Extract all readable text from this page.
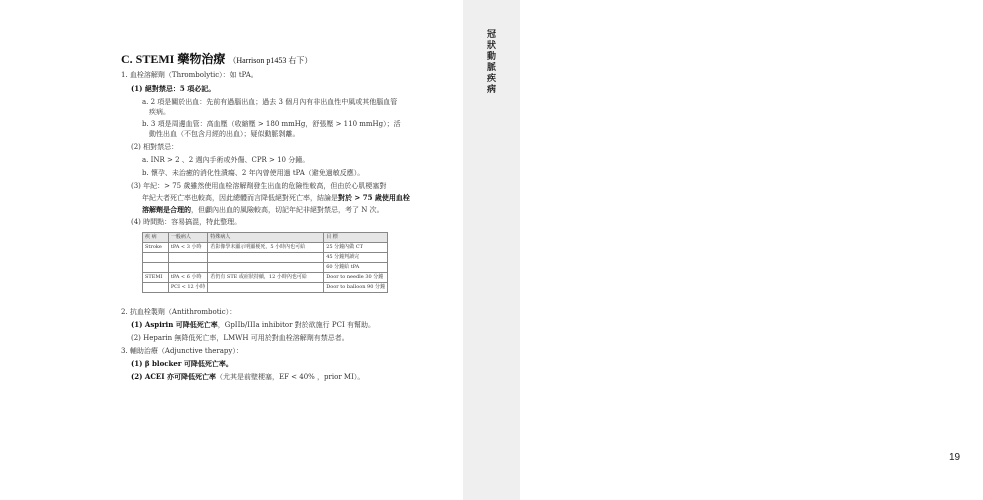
冠
狀
動
脈
疾
病
19
C. STEMI 藥物治療 （Harrison p1453 右下）
1. 血栓溶解劑（Thrombolytic）：如 tPA。
(1) 絕對禁忌：5 項必記。
a. 2 項是關於出血：先前有過腦出血；過去 3 個月內有非出血性中風或其他腦血管
疾病。
b. 3 項是周邊血管：高血壓（收縮壓 > 180 mmHg，舒張壓 > 110 mmHg）；活
動性出血（不包含月經的出血）；疑似動脈剝離。
(2) 相對禁忌：
a. INR > 2 、2 週內手術或外傷、CPR > 10 分鐘。
b. 懷孕、未治癒的消化性潰瘍、2 年內曾使用過 tPA（避免過敏反應）。
(3) 年紀：> 75 歲雖然使用血栓溶解劑發生出血的危險性較高，但由於心肌梗塞對
年紀大者死亡率也較高，因此總體而言降低絕對死亡率，結論是對於 > 75 歲使用血栓
溶解劑是合理的，但顱內出血的風險較高，切記年紀非絕對禁忌，考了 N 次。
(4) 時間點：容易搞混，特此整理。
疾 病	一般病人	特殊病人	目 標
Stroke	tPA < 3 小時	若影像學未顯示明顯梗死，5 小時內也可給	25 分鐘內做 CT
			45 分鐘判讀完
			60 分鐘給 tPA
STEMI	tPA < 6 小時	若仍有 STE 或症狀持續，12 小時內也可給	Door to needle 30 分鐘
	PCI < 12 小時		Door to balloon 90 分鐘
2. 抗血栓製劑（Antithrombotic）：
(1) Aspirin 可降低死亡率，GpIIb/IIIa inhibitor 對於欲施行 PCI 有幫助。
(2) Heparin 無降低死亡率，LMWH 可用於對血栓溶解劑有禁忌者。
3. 輔助治療（Adjunctive therapy）：
(1) β blocker 可降低死亡率。
(2) ACEI 亦可降低死亡率（尤其是前壁梗塞，EF < 40% ，prior MI）。
